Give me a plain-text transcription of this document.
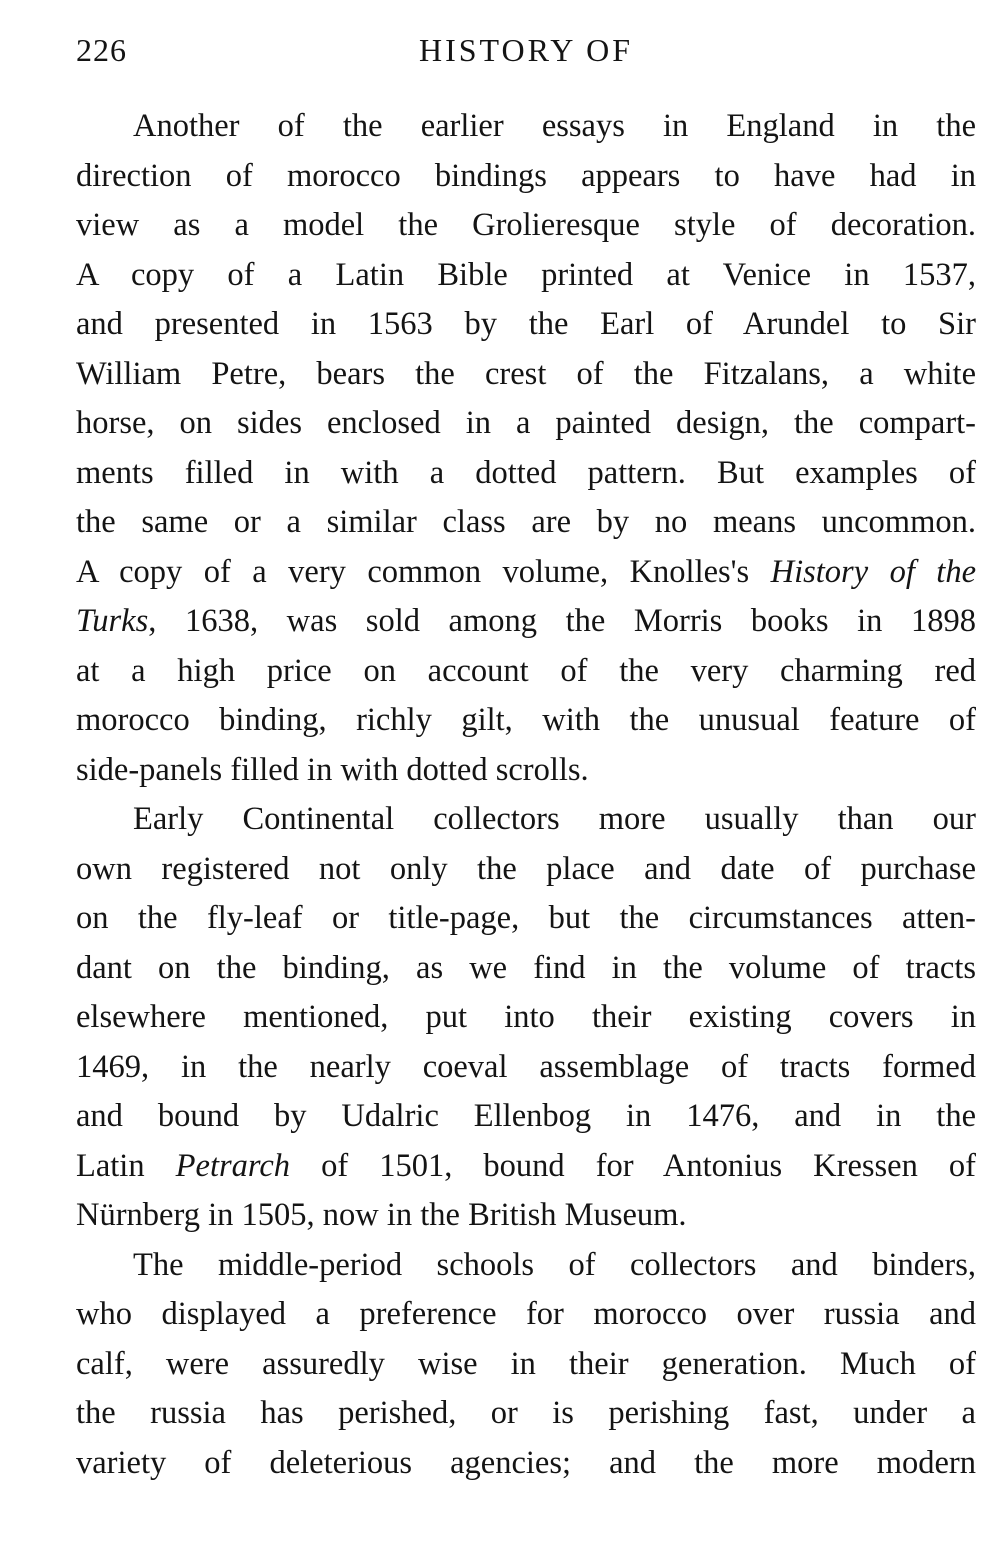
226	HISTORY OF
Another of the earlier essays in England in the
direction of morocco bindings appears to have had in
view as a model the Grolieresque style of decoration.
A copy of a Latin Bible printed at Venice in 1537,
and presented in 1563 by the Earl of Arundel to Sir
William Petre, bears the crest of the Fitzalans, a white
horse, on sides enclosed in a painted design, the compart-
ments filled in with a dotted pattern. But examples of
the same or a similar class are by no means uncommon.
A copy of a very common volume, Knolles's History of the
Turks, 1638, was sold among the Morris books in 1898
at a high price on account of the very charming red
morocco binding, richly gilt, with the unusual feature of
side-panels filled in with dotted scrolls.
Early Continental collectors more usually than our
own registered not only the place and date of purchase
on the fly-leaf or title-page, but the circumstances atten-
dant on the binding, as we find in the volume of tracts
elsewhere mentioned, put into their existing covers in
1469, in the nearly coeval assemblage of tracts formed
and bound by Udalric Ellenbog in 1476, and in the
Latin Petrarch of 1501, bound for Antonius Kressen of
Nürnberg in 1505, now in the British Museum.
The middle-period schools of collectors and binders,
who displayed a preference for morocco over russia and
calf, were assuredly wise in their generation. Much of
the russia has perished, or is perishing fast, under a
variety of deleterious agencies; and the more modern
